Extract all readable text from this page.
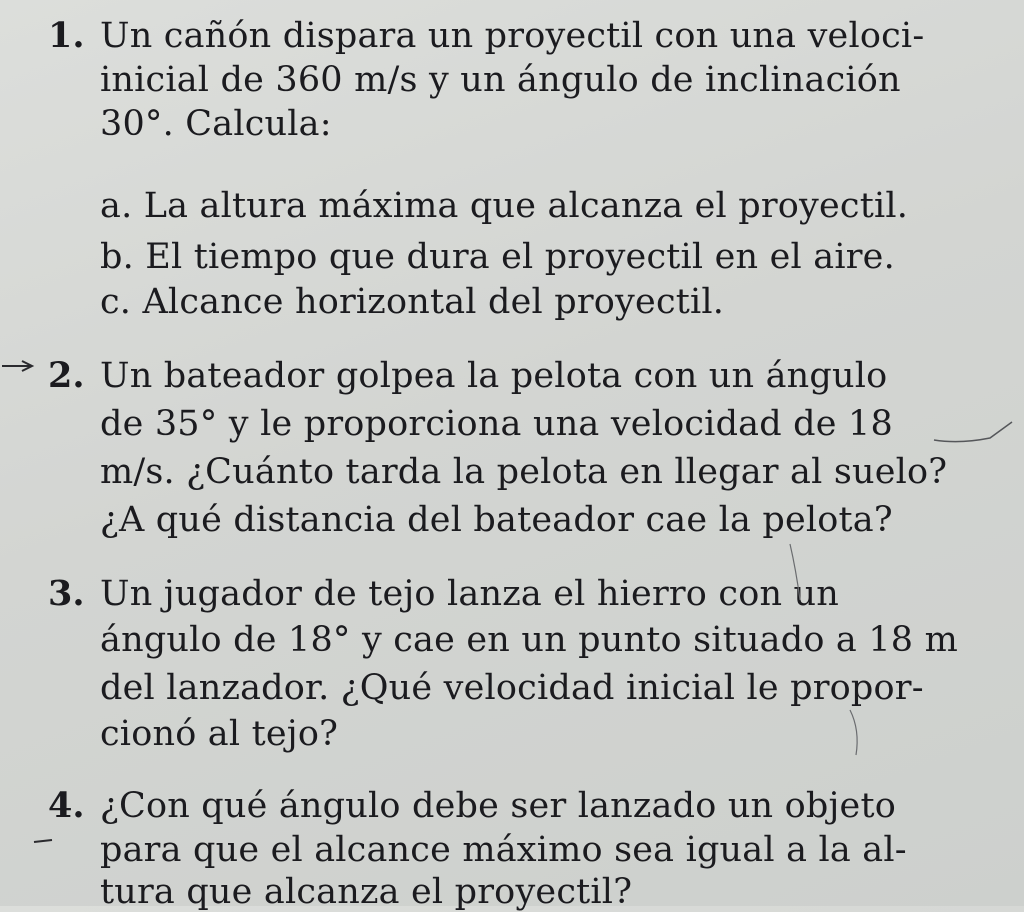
1. Un cañón dispara un proyectil con una veloci-
inicial de 360 m/s y un ángulo de inclinación
30°. Calcula:
a. La altura máxima que alcanza el proyectil.
b. El tiempo que dura el proyectil en el aire.
c. Alcance horizontal del proyectil.
2. Un bateador golpea la pelota con un ángulo
de 35° y le proporciona una velocidad de 18
m/s. ¿Cuánto tarda la pelota en llegar al suelo?
¿A qué distancia del bateador cae la pelota?
3. Un jugador de tejo lanza el hierro con un
ángulo de 18° y cae en un punto situado a 18 m
del lanzador. ¿Qué velocidad inicial le propor-
cionó al tejo?
4. ¿Con qué ángulo debe ser lanzado un objeto
para que el alcance máximo sea igual a la al-
tura que alcanza el proyectil?
